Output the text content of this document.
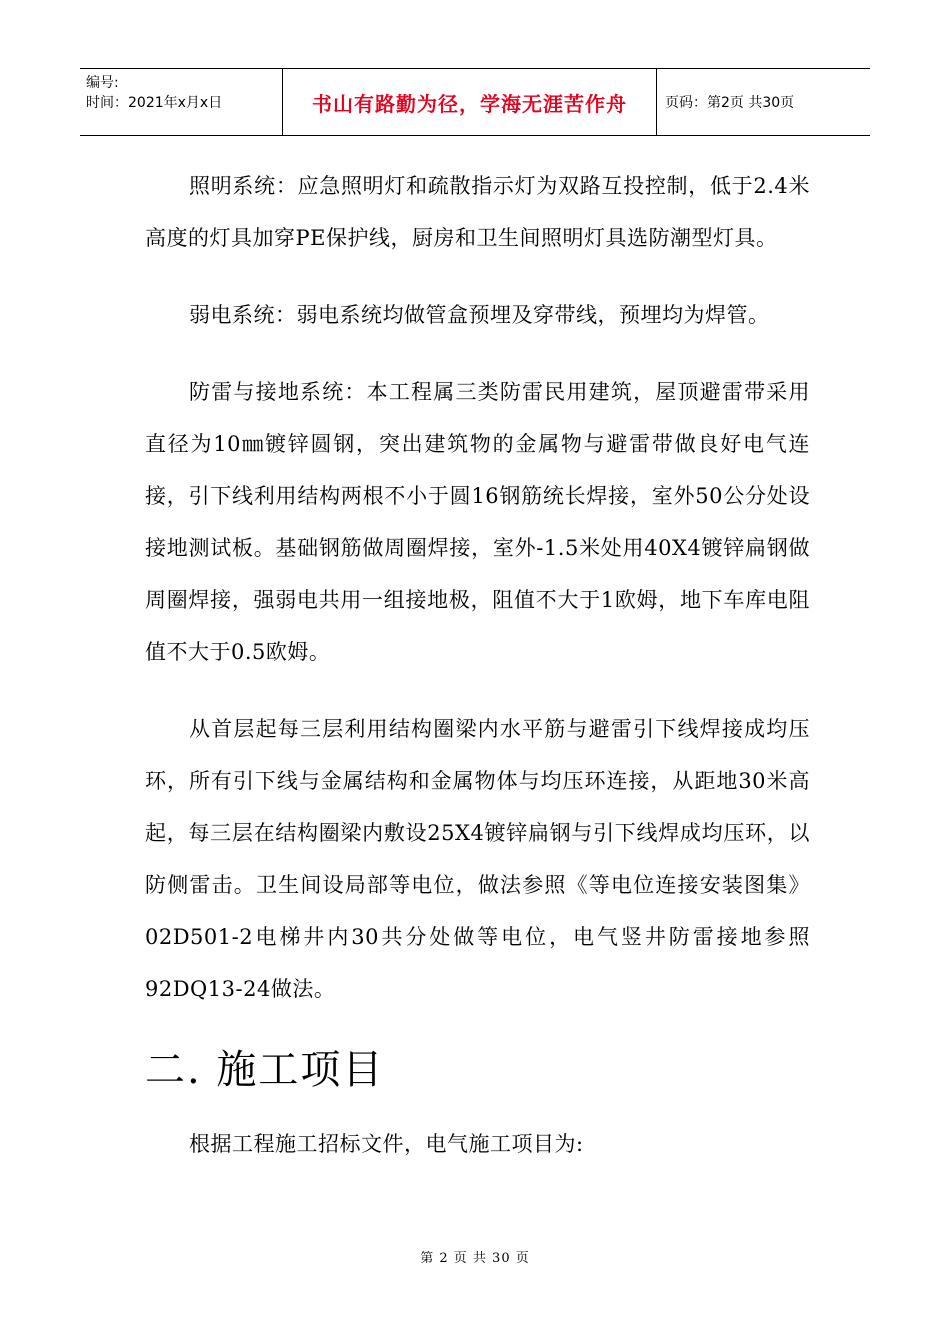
编号:
时间：2021年x月x日	书山有路勤为径，学海无涯苦作舟	页码：第2页 共30页

照明系统：应急照明灯和疏散指示灯为双路互投控制，低于2.4米高度的灯具加穿PE保护线，厨房和卫生间照明灯具选防潮型灯具。

弱电系统：弱电系统均做管盒预埋及穿带线，预埋均为焊管。

防雷与接地系统：本工程属三类防雷民用建筑，屋顶避雷带采用直径为10㎜镀锌圆钢，突出建筑物的金属物与避雷带做良好电气连接，引下线利用结构两根不小于圆16钢筋统长焊接，室外50公分处设接地测试板。基础钢筋做周圈焊接，室外-1.5米处用40X4镀锌扁钢做周圈焊接，强弱电共用一组接地极，阻值不大于1欧姆，地下车库电阻值不大于0.5欧姆。

从首层起每三层利用结构圈梁内水平筋与避雷引下线焊接成均压环，所有引下线与金属结构和金属物体与均压环连接，从距地30米高起，每三层在结构圈梁内敷设25X4镀锌扁钢与引下线焊成均压环，以防侧雷击。卫生间设局部等电位，做法参照《等电位连接安装图集》02D501-2电梯井内30共分处做等电位，电气竖井防雷接地参照92DQ13-24做法。

二. 施工项目

根据工程施工招标文件，电气施工项目为:

第 2 页 共 30 页
